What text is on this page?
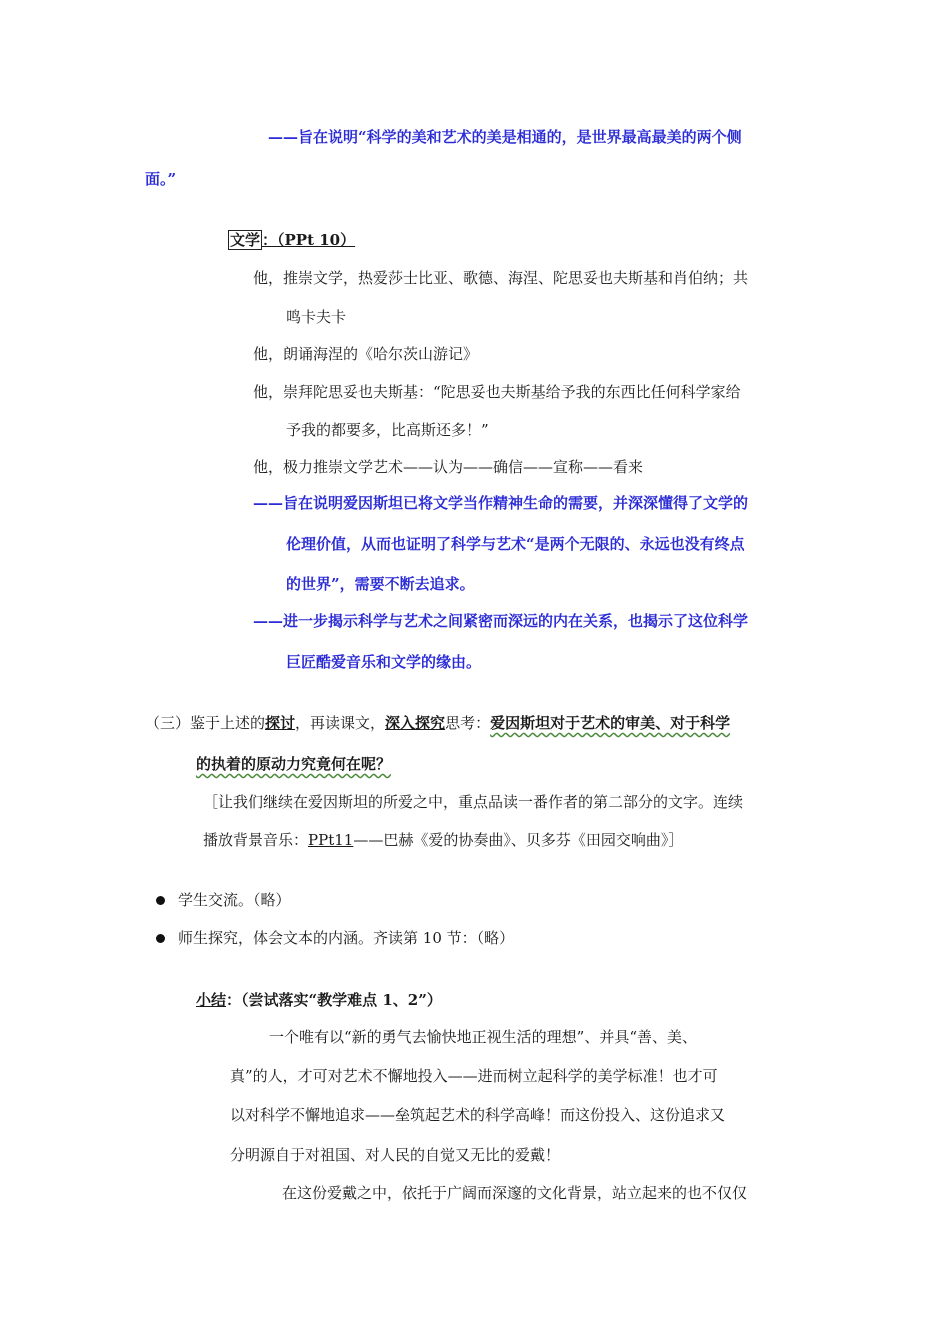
——旨在说明“科学的美和艺术的美是相通的，是世界最高最美的两个侧
面。”
文学 ：（PPt 10）
他，推崇文学，热爱莎士比亚、歌德、海涅、陀思妥也夫斯基和肖伯纳；共
鸣卡夫卡
他，朗诵海涅的《哈尔茨山游记》
他，崇拜陀思妥也夫斯基：“陀思妥也夫斯基给予我的东西比任何科学家给
予我的都要多，比高斯还多！”
他，极力推崇文学艺术——认为——确信——宣称——看来
——旨在说明爱因斯坦已将文学当作精神生命的需要，并深深懂得了文学的
伦理价值，从而也证明了科学与艺术“是两个无限的、永远也没有终点
的世界”，需要不断去追求。
——进一步揭示科学与艺术之间紧密而深远的内在关系，也揭示了这位科学
巨匠酷爱音乐和文学的缘由。
（三）鉴于上述的探讨，再读课文，深入探究思考：爱因斯坦对于艺术的审美、对于科学
的执着的原动力究竟何在呢？
［让我们继续在爱因斯坦的所爱之中，重点品读一番作者的第二部分的文字。连续
播放背景音乐：PPt11——巴赫《爱的协奏曲》、贝多芬《田园交响曲》］
学生交流。（略）
师生探究，体会文本的内涵。齐读第 10 节：（略）
小结：（尝试落实“教学难点 1、2”）
一个唯有以“新的勇气去愉快地正视生活的理想”、并具“善、美、
真”的人，才可对艺术不懈地投入——进而树立起科学的美学标准！也才可
以对科学不懈地追求——垒筑起艺术的科学高峰！而这份投入、这份追求又
分明源自于对祖国、对人民的自觉又无比的爱戴！
在这份爱戴之中，依托于广阔而深邃的文化背景，站立起来的也不仅仅
